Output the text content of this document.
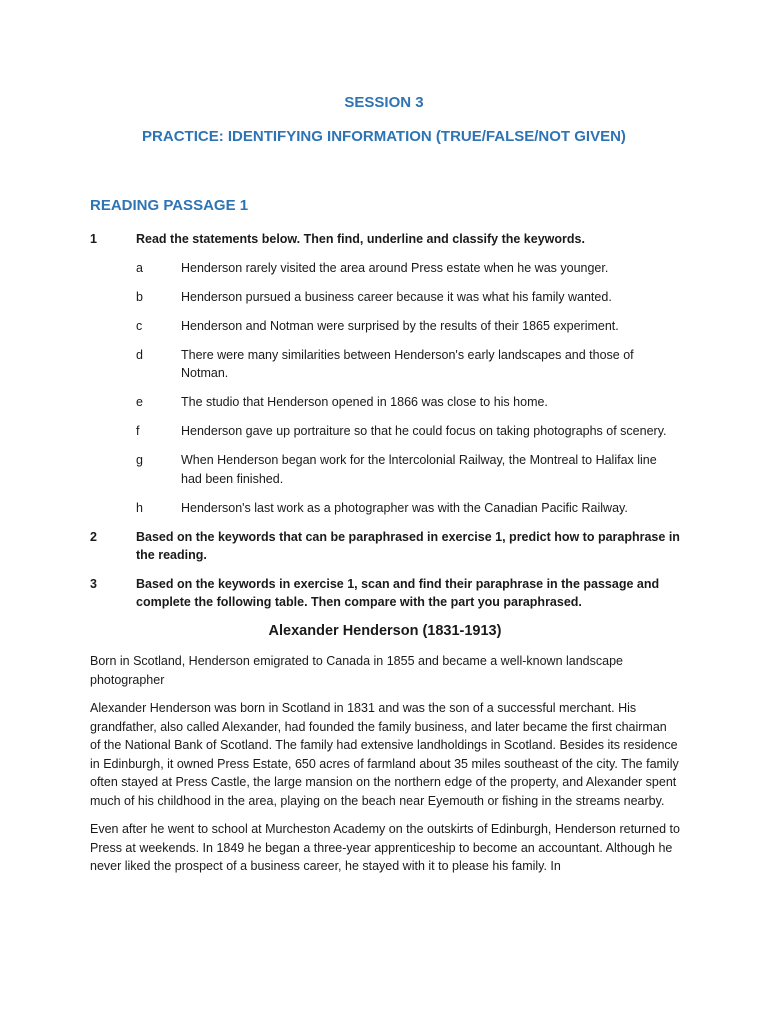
SESSION 3
PRACTICE: IDENTIFYING INFORMATION (TRUE/FALSE/NOT GIVEN)
READING PASSAGE 1
1	Read the statements below. Then find, underline and classify the keywords.
a	Henderson rarely visited the area around Press estate when he was younger.
b	Henderson pursued a business career because it was what his family wanted.
c	Henderson and Notman were surprised by the results of their 1865 experiment.
d	There were many similarities between Henderson's early landscapes and those of Notman.
e	The studio that Henderson opened in 1866 was close to his home.
f	Henderson gave up portraiture so that he could focus on taking photographs of scenery.
g	When Henderson began work for the lntercolonial Railway, the Montreal to Halifax line had been finished.
h	Henderson's last work as a photographer was with the Canadian Pacific Railway.
2	Based on the keywords that can be paraphrased in exercise 1, predict how to paraphrase in the reading.
3	Based on the keywords in exercise 1, scan and find their paraphrase in the passage and complete the following table. Then compare with the part you paraphrased.
Alexander Henderson (1831-1913)

Born in Scotland, Henderson emigrated to Canada in 1855 and became a well-known landscape photographer

Alexander Henderson was born in Scotland in 1831 and was the son of a successful merchant. His grandfather, also called Alexander, had founded the family business, and later became the first chairman of the National Bank of Scotland. The family had extensive landholdings in Scotland. Besides its residence in Edinburgh, it owned Press Estate, 650 acres of farmland about 35 miles southeast of the city. The family often stayed at Press Castle, the large mansion on the northern edge of the property, and Alexander spent much of his childhood in the area, playing on the beach near Eyemouth or fishing in the streams nearby.

Even after he went to school at Murcheston Academy on the outskirts of Edinburgh, Henderson returned to Press at weekends. In 1849 he began a three-year apprenticeship to become an accountant. Although he never liked the prospect of a business career, he stayed with it to please his family. In
